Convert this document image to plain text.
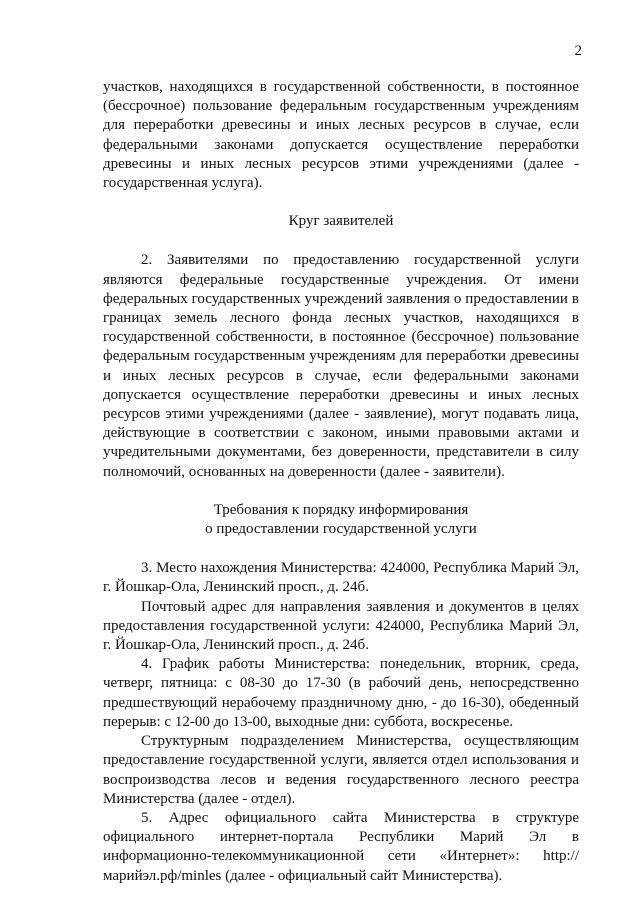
2

участков, находящихся в государственной собственности, в постоянное (бессрочное) пользование федеральным государственным учреждениям для переработки древесины и иных лесных ресурсов в случае, если федеральными законами допускается осуществление переработки древесины и иных лесных ресурсов этими учреждениями (далее - государственная услуга).

Круг заявителей

2. Заявителями по предоставлению государственной услуги являются федеральные государственные учреждения. От имени федеральных государственных учреждений заявления о предоставлении в границах земель лесного фонда лесных участков, находящихся в государственной собственности, в постоянное (бессрочное) пользование федеральным государственным учреждениям для переработки древесины и иных лесных ресурсов в случае, если федеральными законами допускается осуществление переработки древесины и иных лесных ресурсов этими учреждениями (далее - заявление), могут подавать лица, действующие в соответствии с законом, иными правовыми актами и учредительными документами, без доверенности, представители в силу полномочий, основанных на доверенности (далее - заявители).

Требования к порядку информирования

о предоставлении государственной услуги

3. Место нахождения Министерства: 424000, Республика Марий Эл, г. Йошкар-Ола, Ленинский просп., д. 24б.

Почтовый адрес для направления заявления и документов в целях предоставления государственной услуги: 424000, Республика Марий Эл, г. Йошкар-Ола, Ленинский просп., д. 24б.

4. График работы Министерства: понедельник, вторник, среда, четверг, пятница: с 08-30 до 17-30 (в рабочий день, непосредственно предшествующий нерабочему праздничному дню, - до 16-30), обеденный перерыв: с 12-00 до 13-00, выходные дни: суббота, воскресенье.

Структурным подразделением Министерства, осуществляющим предоставление государственной услуги, является отдел использования и воспроизводства лесов и ведения государственного лесного реестра Министерства (далее - отдел).

5. Адрес официального сайта Министерства в структуре официального интернет-портала Республики Марий Эл в информационно-телекоммуникационной сети «Интернет»: http://марийэл.рф/minles (далее - официальный сайт Министерства).
